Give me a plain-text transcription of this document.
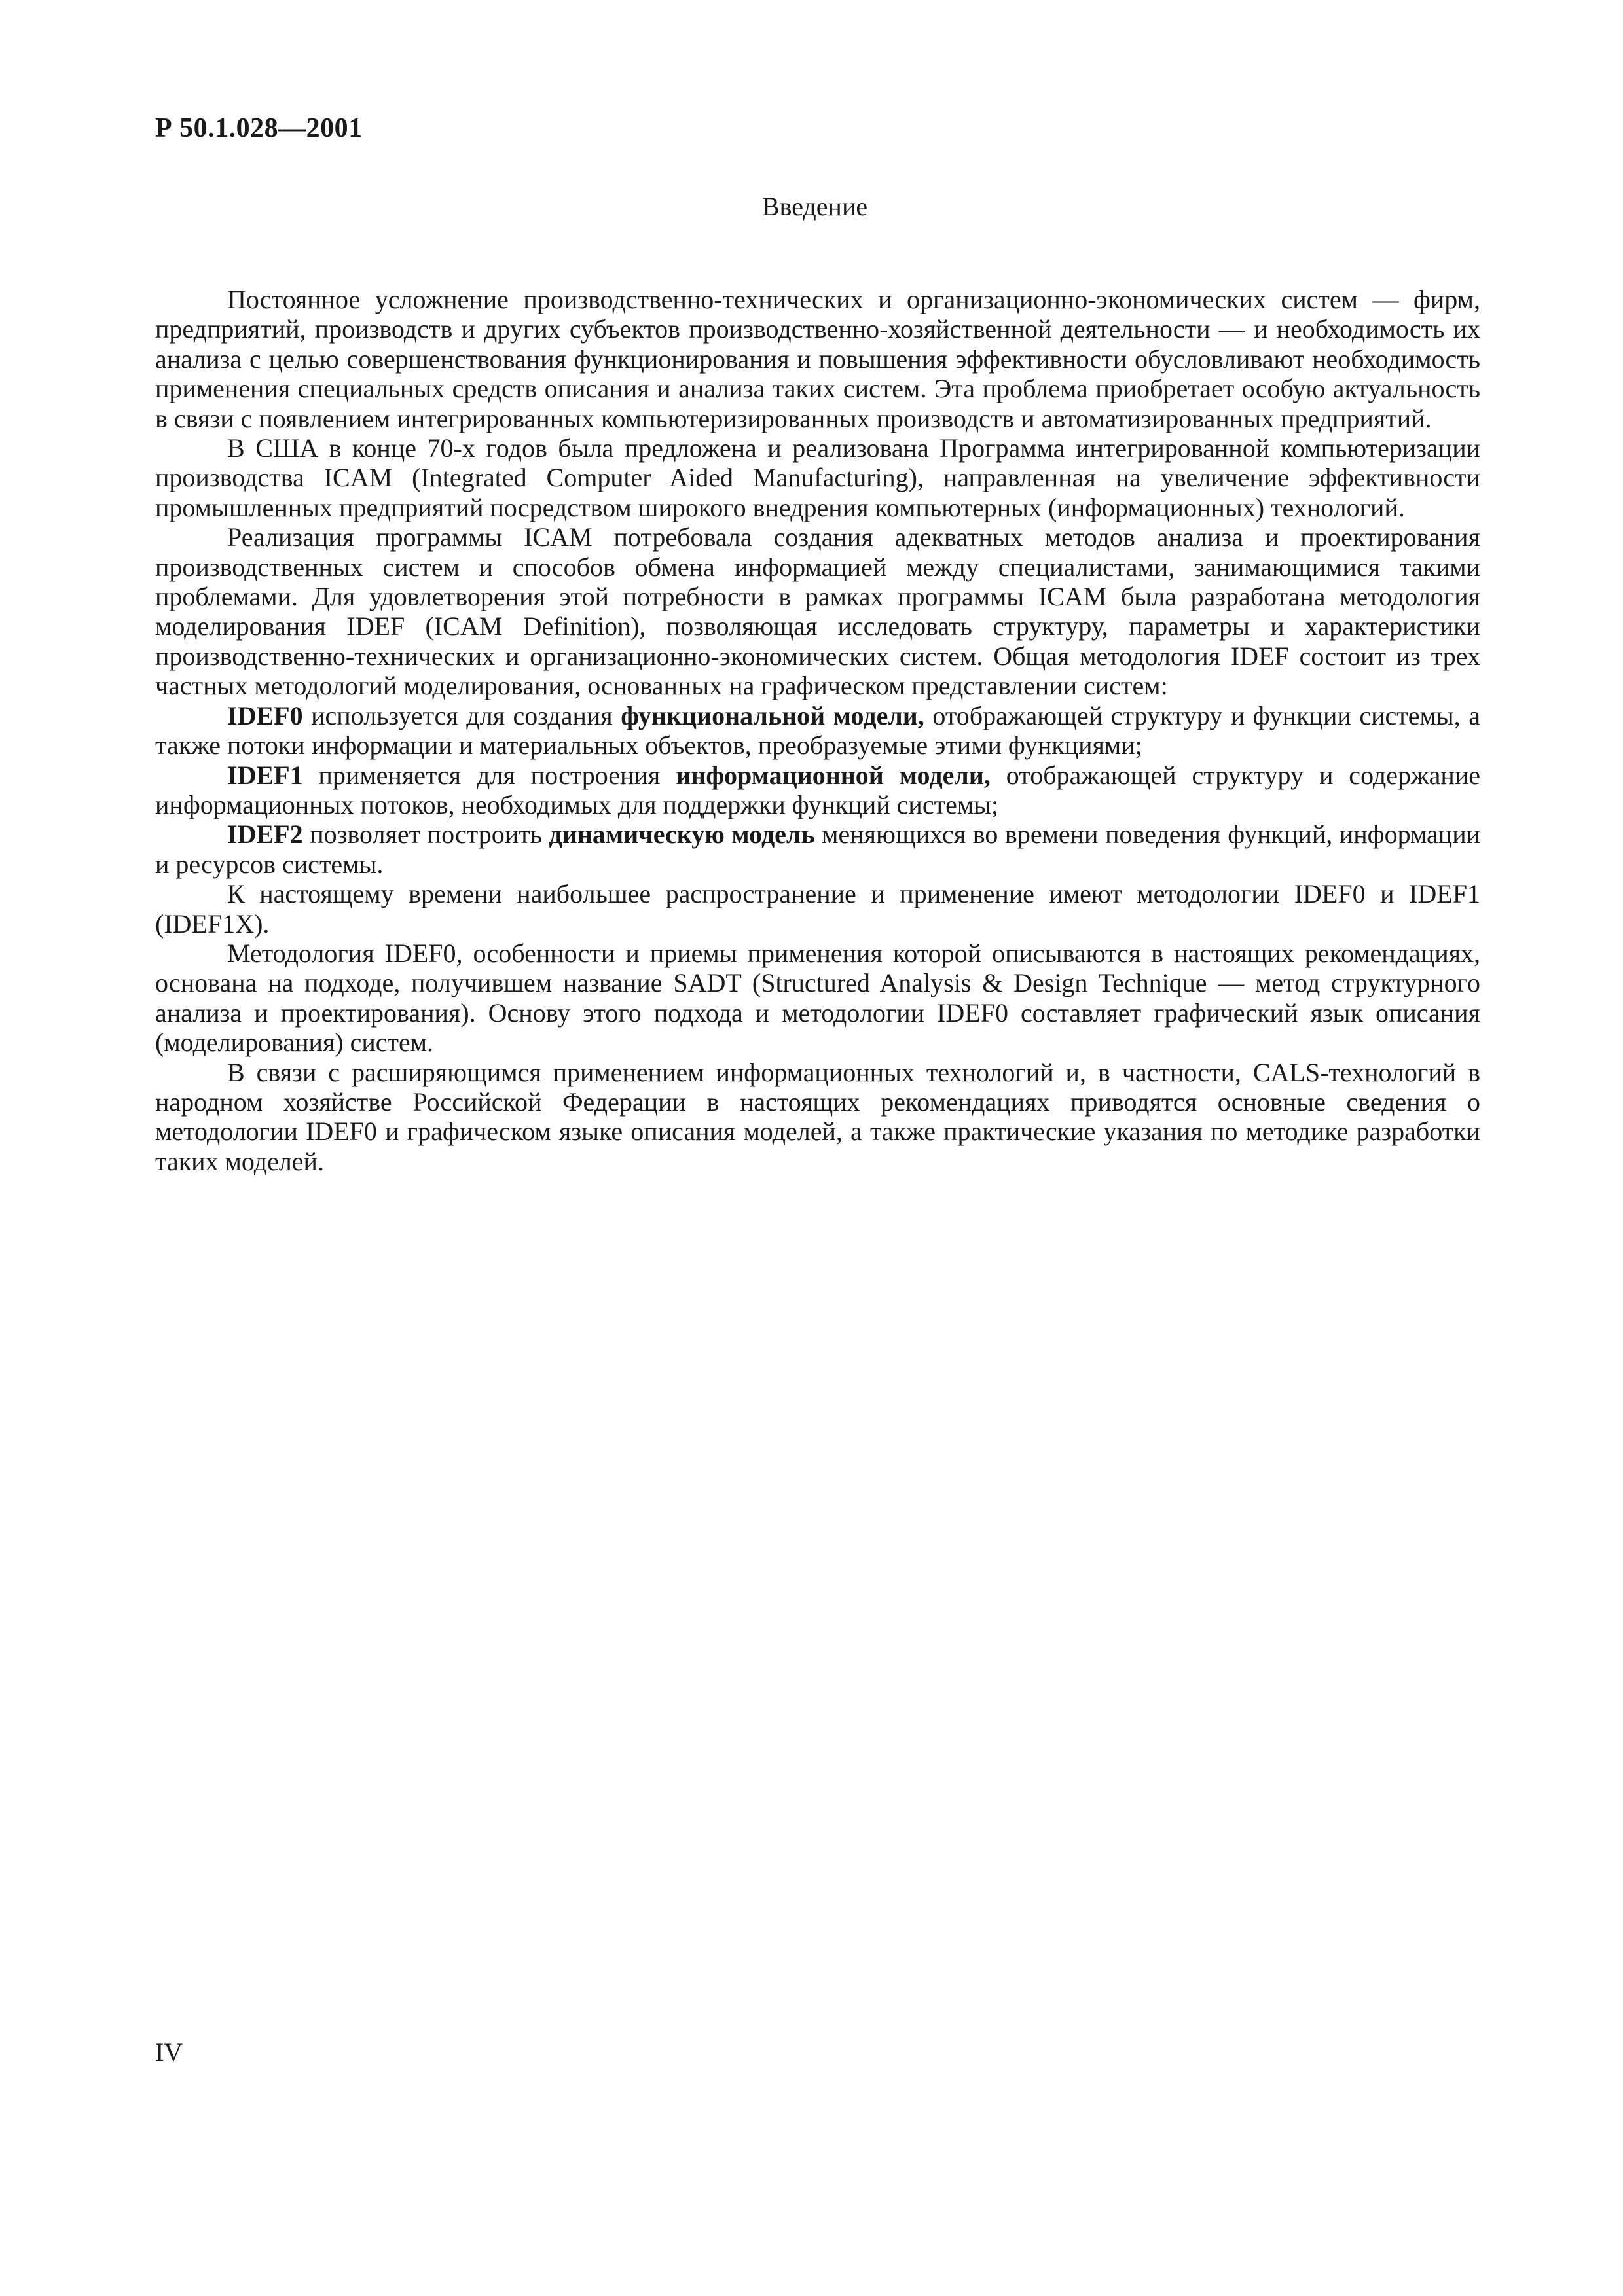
Р 50.1.028—2001
Введение

Постоянное усложнение производственно-технических и организационно-экономических систем — фирм, предприятий, производств и других субъектов производственно-хозяйственной деятельности — и необходимость их анализа с целью совершенствования функционирования и повышения эффективности обусловливают необходимость применения специальных средств описания и анализа таких систем. Эта проблема приобретает особую актуальность в связи с появлением интегрированных компьютеризированных производств и автоматизированных предприятий.

В США в конце 70-х годов была предложена и реализована Программа интегрированной компьютеризации производства ICAM (Integrated Computer Aided Manufacturing), направленная на увеличение эффективности промышленных предприятий посредством широкого внедрения компьютерных (информационных) технологий.

Реализация программы ICAM потребовала создания адекватных методов анализа и проектирования производственных систем и способов обмена информацией между специалистами, занимающимися такими проблемами. Для удовлетворения этой потребности в рамках программы ICAM была разработана методология моделирования IDEF (ICAM Definition), позволяющая исследовать структуру, параметры и характеристики производственно-технических и организационно-экономических систем. Общая методология IDEF состоит из трех частных методологий моделирования, основанных на графическом представлении систем:

IDEF0 используется для создания функциональной модели, отображающей структуру и функции системы, а также потоки информации и материальных объектов, преобразуемые этими функциями;

IDEF1 применяется для построения информационной модели, отображающей структуру и содержание информационных потоков, необходимых для поддержки функций системы;

IDEF2 позволяет построить динамическую модель меняющихся во времени поведения функций, информации и ресурсов системы.

К настоящему времени наибольшее распространение и применение имеют методологии IDEF0 и IDEF1 (IDEF1X).

Методология IDEF0, особенности и приемы применения которой описываются в настоящих рекомендациях, основана на подходе, получившем название SADT (Structured Analysis & Design Technique — метод структурного анализа и проектирования). Основу этого подхода и методологии IDEF0 составляет графический язык описания (моделирования) систем.

В связи с расширяющимся применением информационных технологий и, в частности, CALS-технологий в народном хозяйстве Российской Федерации в настоящих рекомендациях приводятся основные сведения о методологии IDEF0 и графическом языке описания моделей, а также практические указания по методике разработки таких моделей.

IV
